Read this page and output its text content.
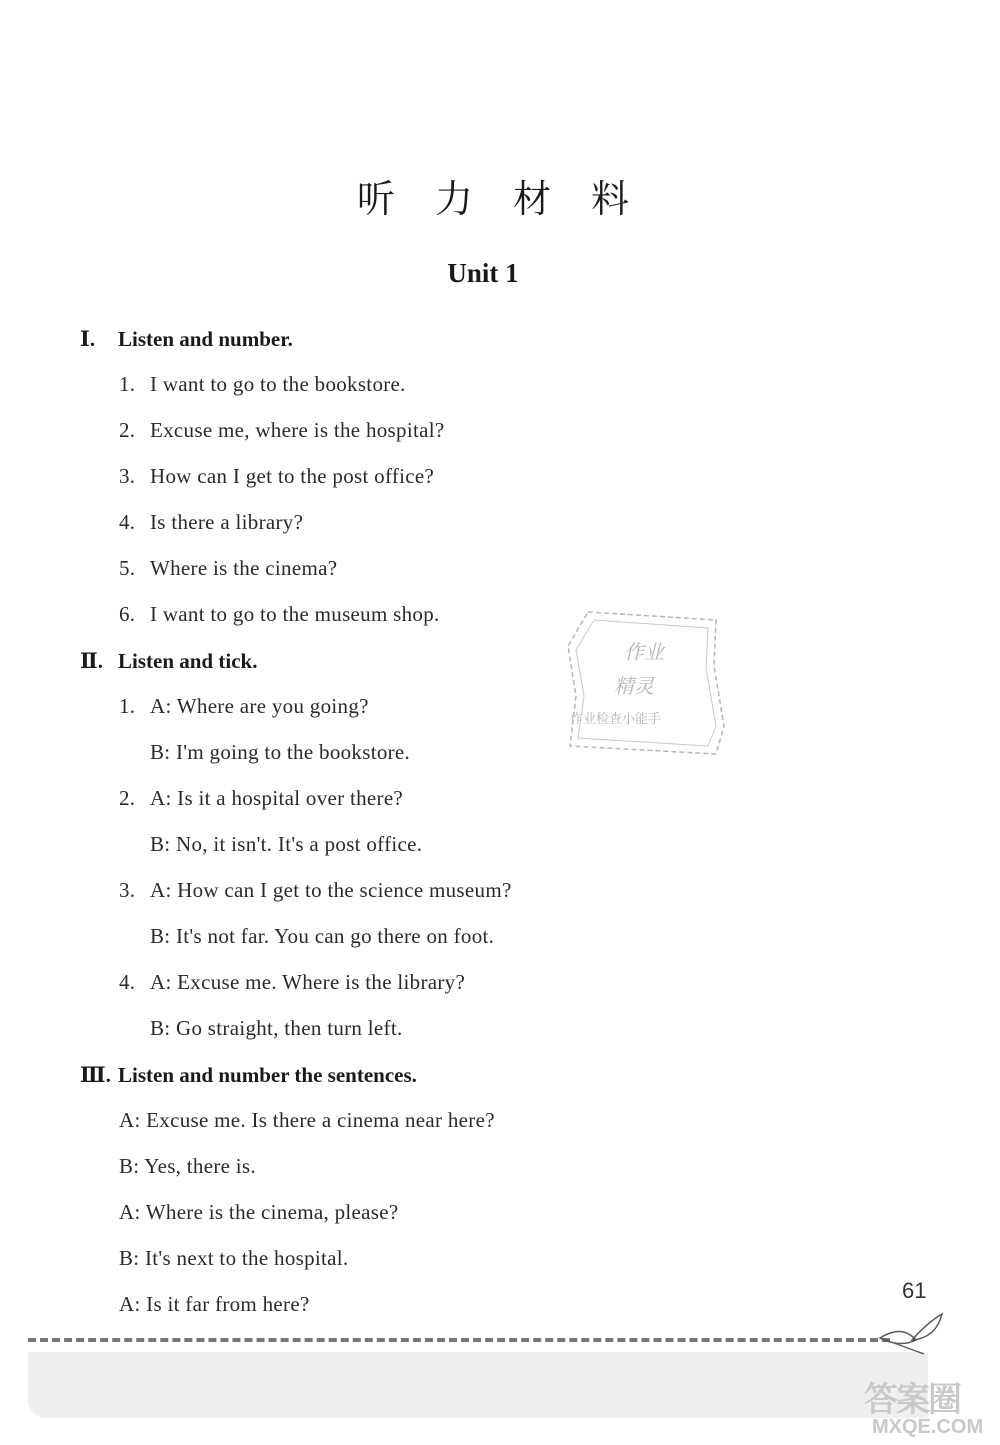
听 力 材 料
Unit 1
Ⅰ. Listen and number.
1. I want to go to the bookstore.
2. Excuse me, where is the hospital?
3. How can I get to the post office?
4. Is there a library?
5. Where is the cinema?
6. I want to go to the museum shop.
Ⅱ. Listen and tick.
1. A: Where are you going?
B: I'm going to the bookstore.
2. A: Is it a hospital over there?
B: No, it isn't. It's a post office.
3. A: How can I get to the science museum?
B: It's not far. You can go there on foot.
4. A: Excuse me. Where is the library?
B: Go straight, then turn left.
Ⅲ. Listen and number the sentences.
A: Excuse me. Is there a cinema near here?
B: Yes, there is.
A: Where is the cinema, please?
B: It's next to the hospital.
A: Is it far from here?
作业
精灵
作业检查小能手
61
答案圈
MXQE.COM
